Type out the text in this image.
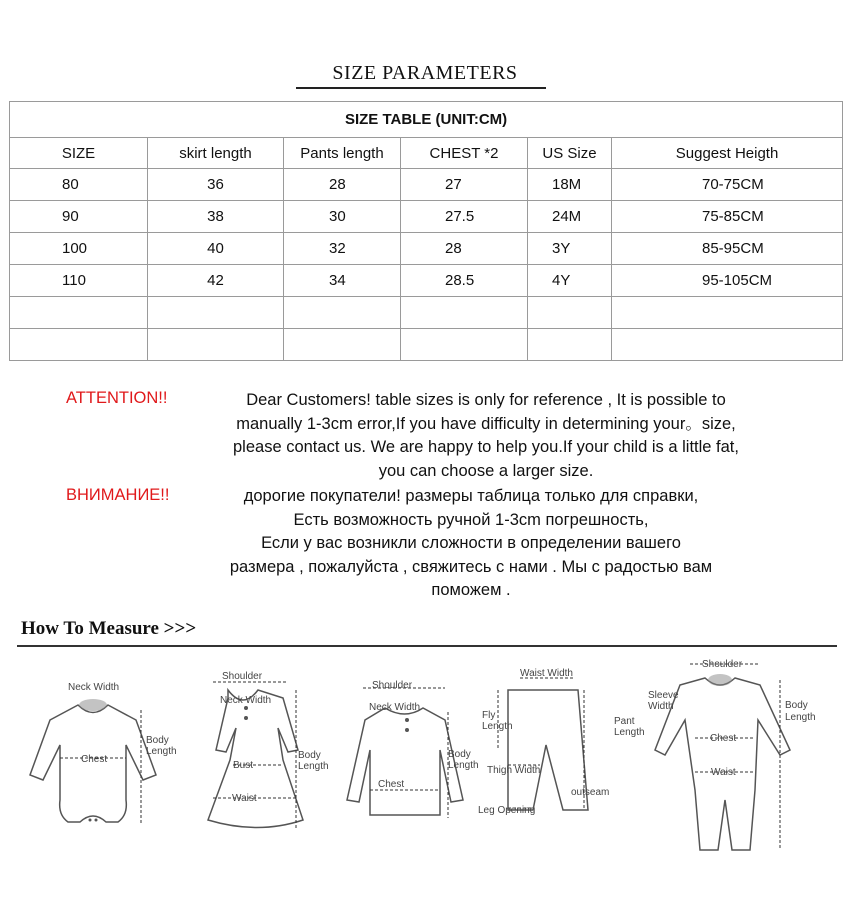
SIZE PARAMETERS
SIZE TABLE (UNIT:CM)					
SIZE	skirt length	Pants length	CHEST *2	US Size	Suggest Heigth
80	36	28	27	18M	70-75CM
90	38	30	27.5	24M	75-85CM
100	40	32	28	3Y	85-95CM
110	42	34	28.5	4Y	95-105CM

ATTENTION!!	Dear Customers! table sizes is only for reference , It is possible to
manually 1-3cm error,If you have difficulty in determining your。size,
please contact us. We are happy to help you.If your child is a little fat,
you can choose a larger size.
ВНИМАНИЕ!!	дорогие покупатели! размеры таблица только для справки,
Есть возможность ручной 1-3cm погрешность,
Если у вас возникли сложности в определении вашего
размера , пожалуйста , свяжитесь с нами . Мы с радостью вам
поможем .
How To Measure >>>
Neck Width
Chest
Body
Length
Shoulder
Neck Width
Bust
Waist
Body
Length
Shoulder
Neck Width
Chest
Body
Length
Waist Width
Fly
Length	Pant
Length
Thigh Width
outseam
Leg Opening
Shoulder
Sleeve
Width	Body
Length
Chest
Waist
